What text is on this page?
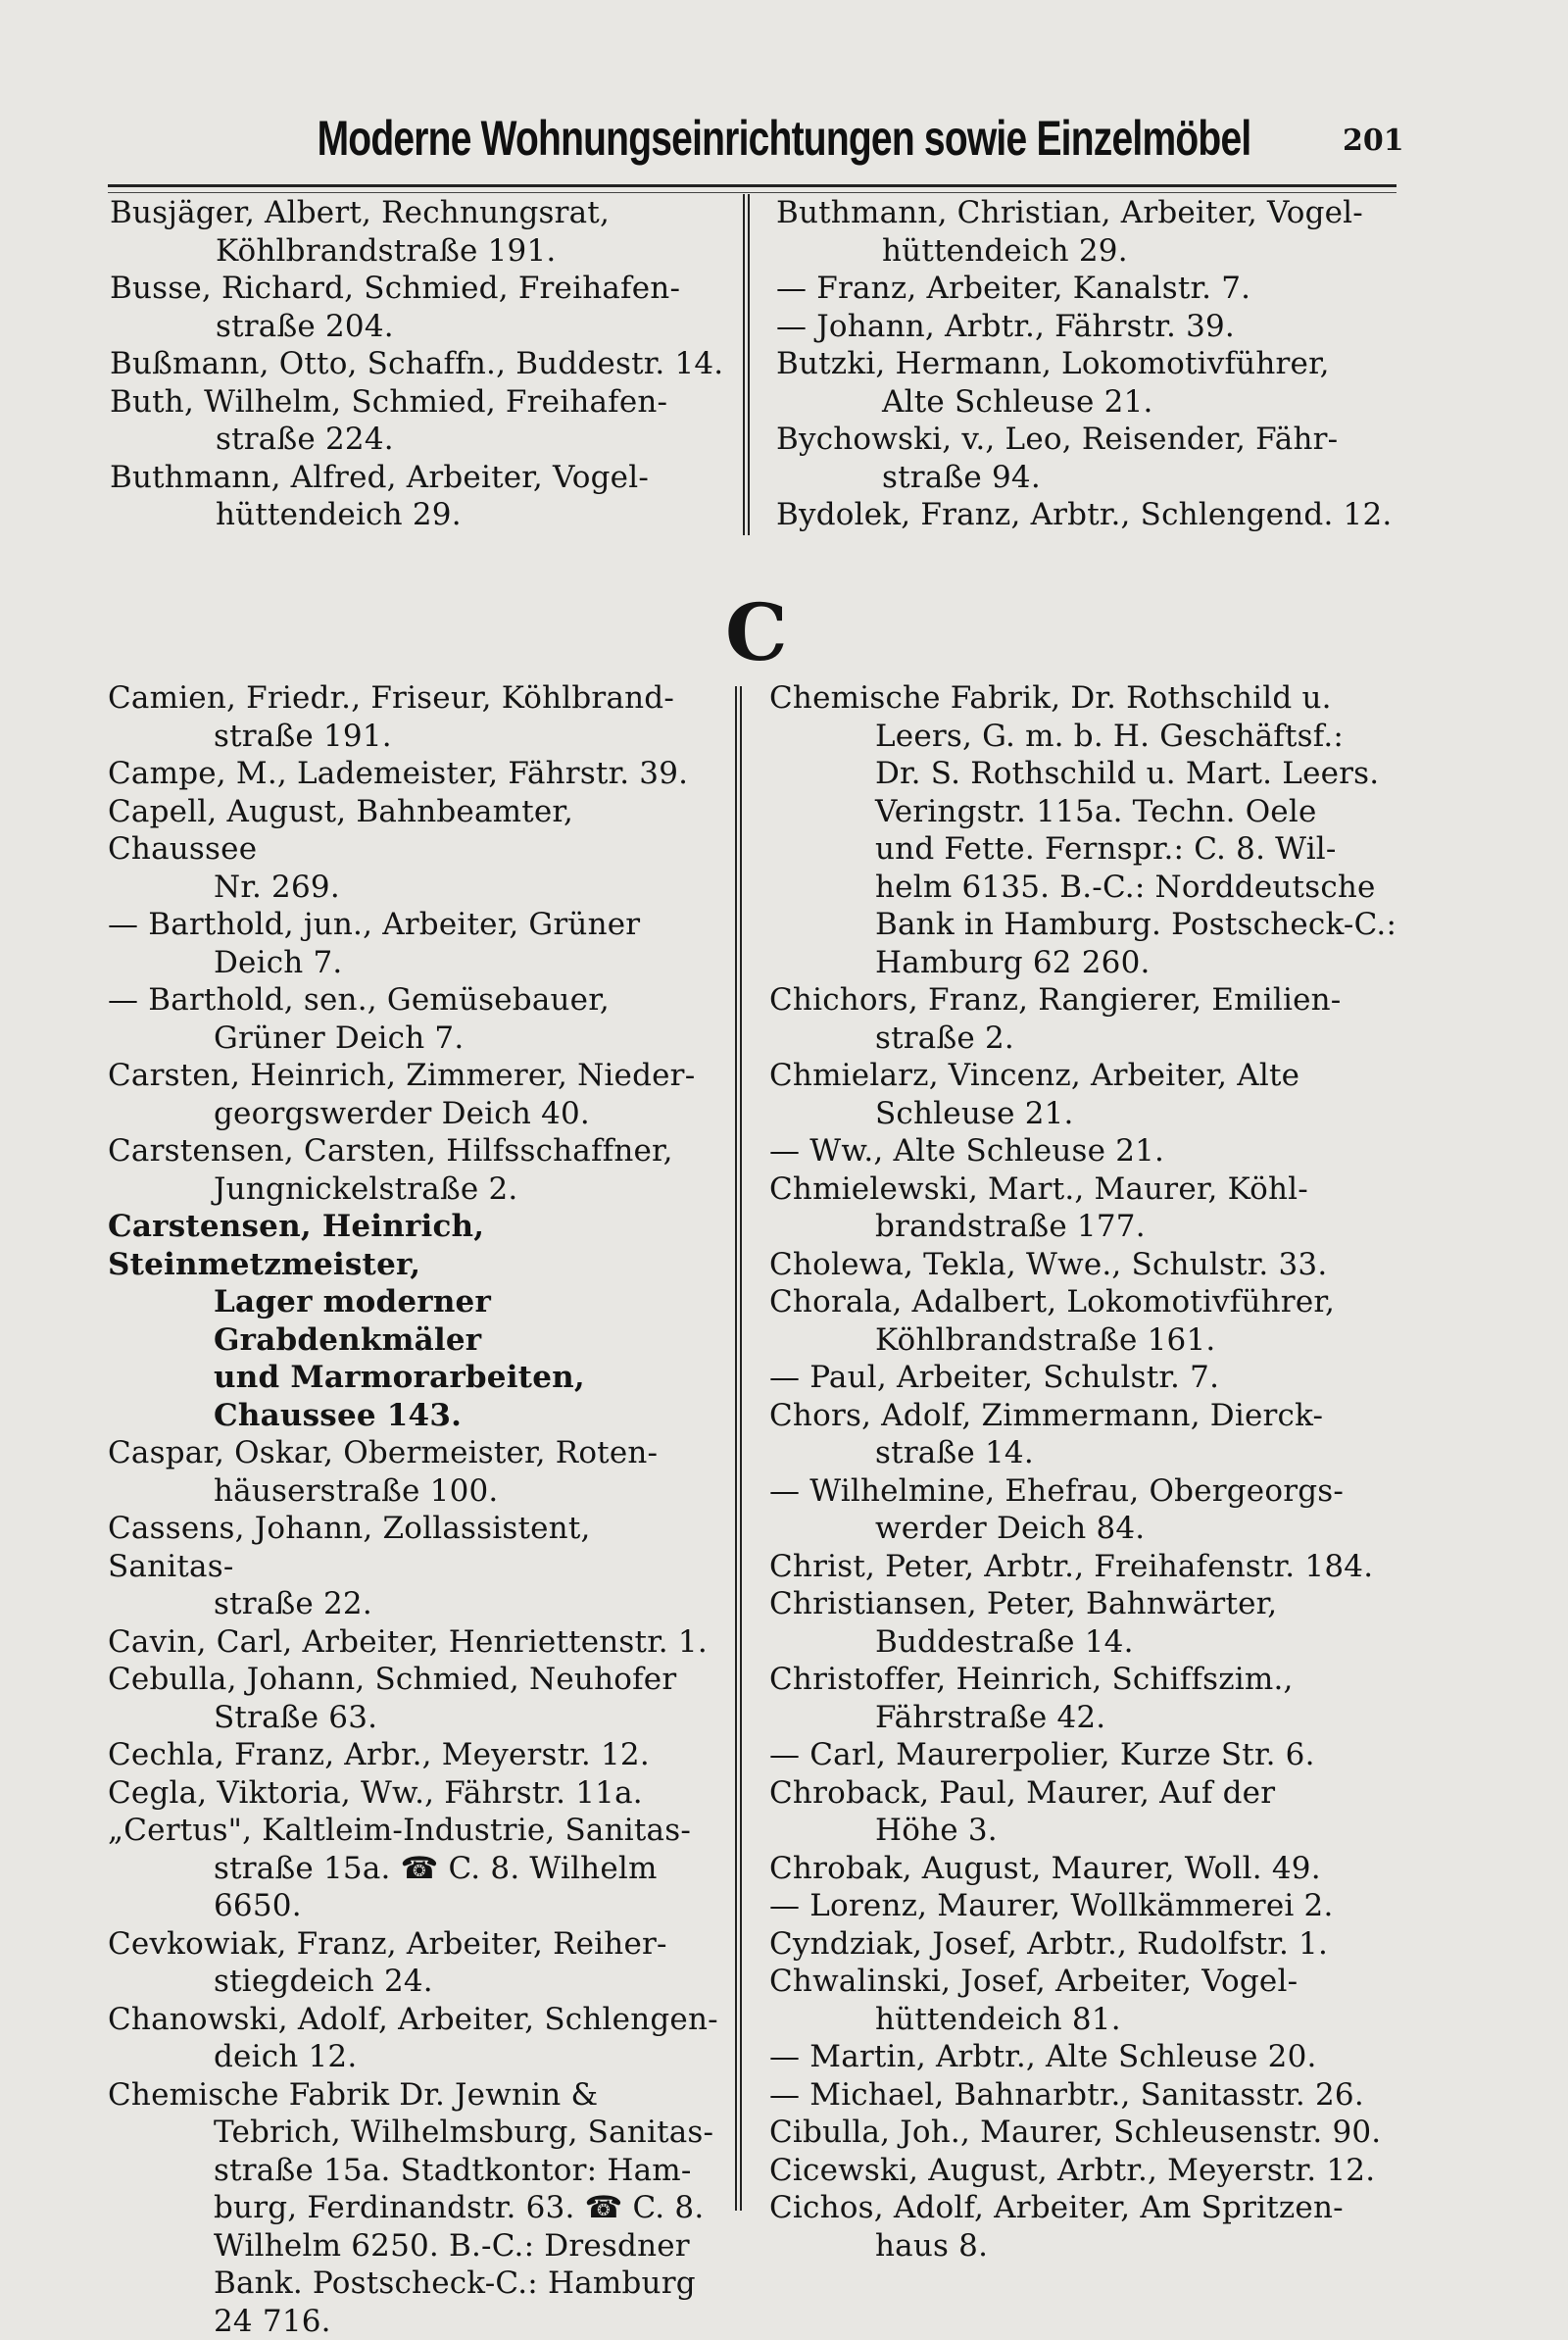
Moderne Wohnungseinrichtungen sowie Einzelmöbel	201
Busjäger, Albert, Rechnungsrat,

Köhlbrandstraße 191.
Busse, Richard, Schmied, Freihafen-

straße 204.
Bußmann, Otto, Schaffn., Buddestr. 14.
Buth, Wilhelm, Schmied, Freihafen-

straße 224.
Buthmann, Alfred, Arbeiter, Vogel-

hüttendeich 29.
Buthmann, Christian, Arbeiter, Vogel-

hüttendeich 29.
— Franz, Arbeiter, Kanalstr. 7.
— Johann, Arbtr., Fährstr. 39.
Butzki, Hermann, Lokomotivführer,

Alte Schleuse 21.
Bychowski, v., Leo, Reisender, Fähr-

straße 94.
Bydolek, Franz, Arbtr., Schlengend. 12.
C
Camien, Friedr., Friseur, Köhlbrand-

straße 191.
Campe, M., Lademeister, Fährstr. 39.
Capell, August, Bahnbeamter, Chaussee

Nr. 269.
— Barthold, jun., Arbeiter, Grüner

Deich 7.
— Barthold, sen., Gemüsebauer,

Grüner Deich 7.
Carsten, Heinrich, Zimmerer, Nieder-

georgswerder Deich 40.
Carstensen, Carsten, Hilfsschaffner,

Jungnickelstraße 2.
Carstensen, Heinrich, Steinmetzmeister,

Lager moderner Grabdenkmäler
und Marmorarbeiten,
Chaussee 143.
Caspar, Oskar, Obermeister, Roten-

häuserstraße 100.
Cassens, Johann, Zollassistent, Sanitas-

straße 22.
Cavin, Carl, Arbeiter, Henriettenstr. 1.
Cebulla, Johann, Schmied, Neuhofer

Straße 63.
Cechla, Franz, Arbr., Meyerstr. 12.
Cegla, Viktoria, Ww., Fährstr. 11a.
„Certus", Kaltleim-Industrie, Sanitas-

straße 15a. ☎ C. 8. Wilhelm
6650.
Cevkowiak, Franz, Arbeiter, Reiher-

stiegdeich 24.
Chanowski, Adolf, Arbeiter, Schlengen-

deich 12.
Chemische Fabrik Dr. Jewnin &

Tebrich, Wilhelmsburg, Sanitas-
straße 15a. Stadtkontor: Ham-
burg, Ferdinandstr. 63. ☎ C. 8.
Wilhelm 6250. B.-C.: Dresdner
Bank. Postscheck-C.: Hamburg
24 716.
Chemische Fabrik, Dr. Rothschild u.

Leers, G. m. b. H. Geschäftsf.:
Dr. S. Rothschild u. Mart. Leers.
Veringstr. 115a. Techn. Oele
und Fette. Fernspr.: C. 8. Wil-
helm 6135. B.-C.: Norddeutsche
Bank in Hamburg. Postscheck-C.:
Hamburg 62 260.
Chichors, Franz, Rangierer, Emilien-

straße 2.
Chmielarz, Vincenz, Arbeiter, Alte

Schleuse 21.
— Ww., Alte Schleuse 21.
Chmielewski, Mart., Maurer, Köhl-

brandstraße 177.
Cholewa, Tekla, Wwe., Schulstr. 33.
Chorala, Adalbert, Lokomotivführer,

Köhlbrandstraße 161.
— Paul, Arbeiter, Schulstr. 7.
Chors, Adolf, Zimmermann, Dierck-

straße 14.
— Wilhelmine, Ehefrau, Obergeorgs-

werder Deich 84.
Christ, Peter, Arbtr., Freihafenstr. 184.
Christiansen, Peter, Bahnwärter,

Buddestraße 14.
Christoffer, Heinrich, Schiffszim.,

Fährstraße 42.
— Carl, Maurerpolier, Kurze Str. 6.
Chroback, Paul, Maurer, Auf der

Höhe 3.
Chrobak, August, Maurer, Woll. 49.
— Lorenz, Maurer, Wollkämmerei 2.
Cyndziak, Josef, Arbtr., Rudolfstr. 1.
Chwalinski, Josef, Arbeiter, Vogel-

hüttendeich 81.
— Martin, Arbtr., Alte Schleuse 20.
— Michael, Bahnarbtr., Sanitasstr. 26.
Cibulla, Joh., Maurer, Schleusenstr. 90.
Cicewski, August, Arbtr., Meyerstr. 12.
Cichos, Adolf, Arbeiter, Am Spritzen-

haus 8.
